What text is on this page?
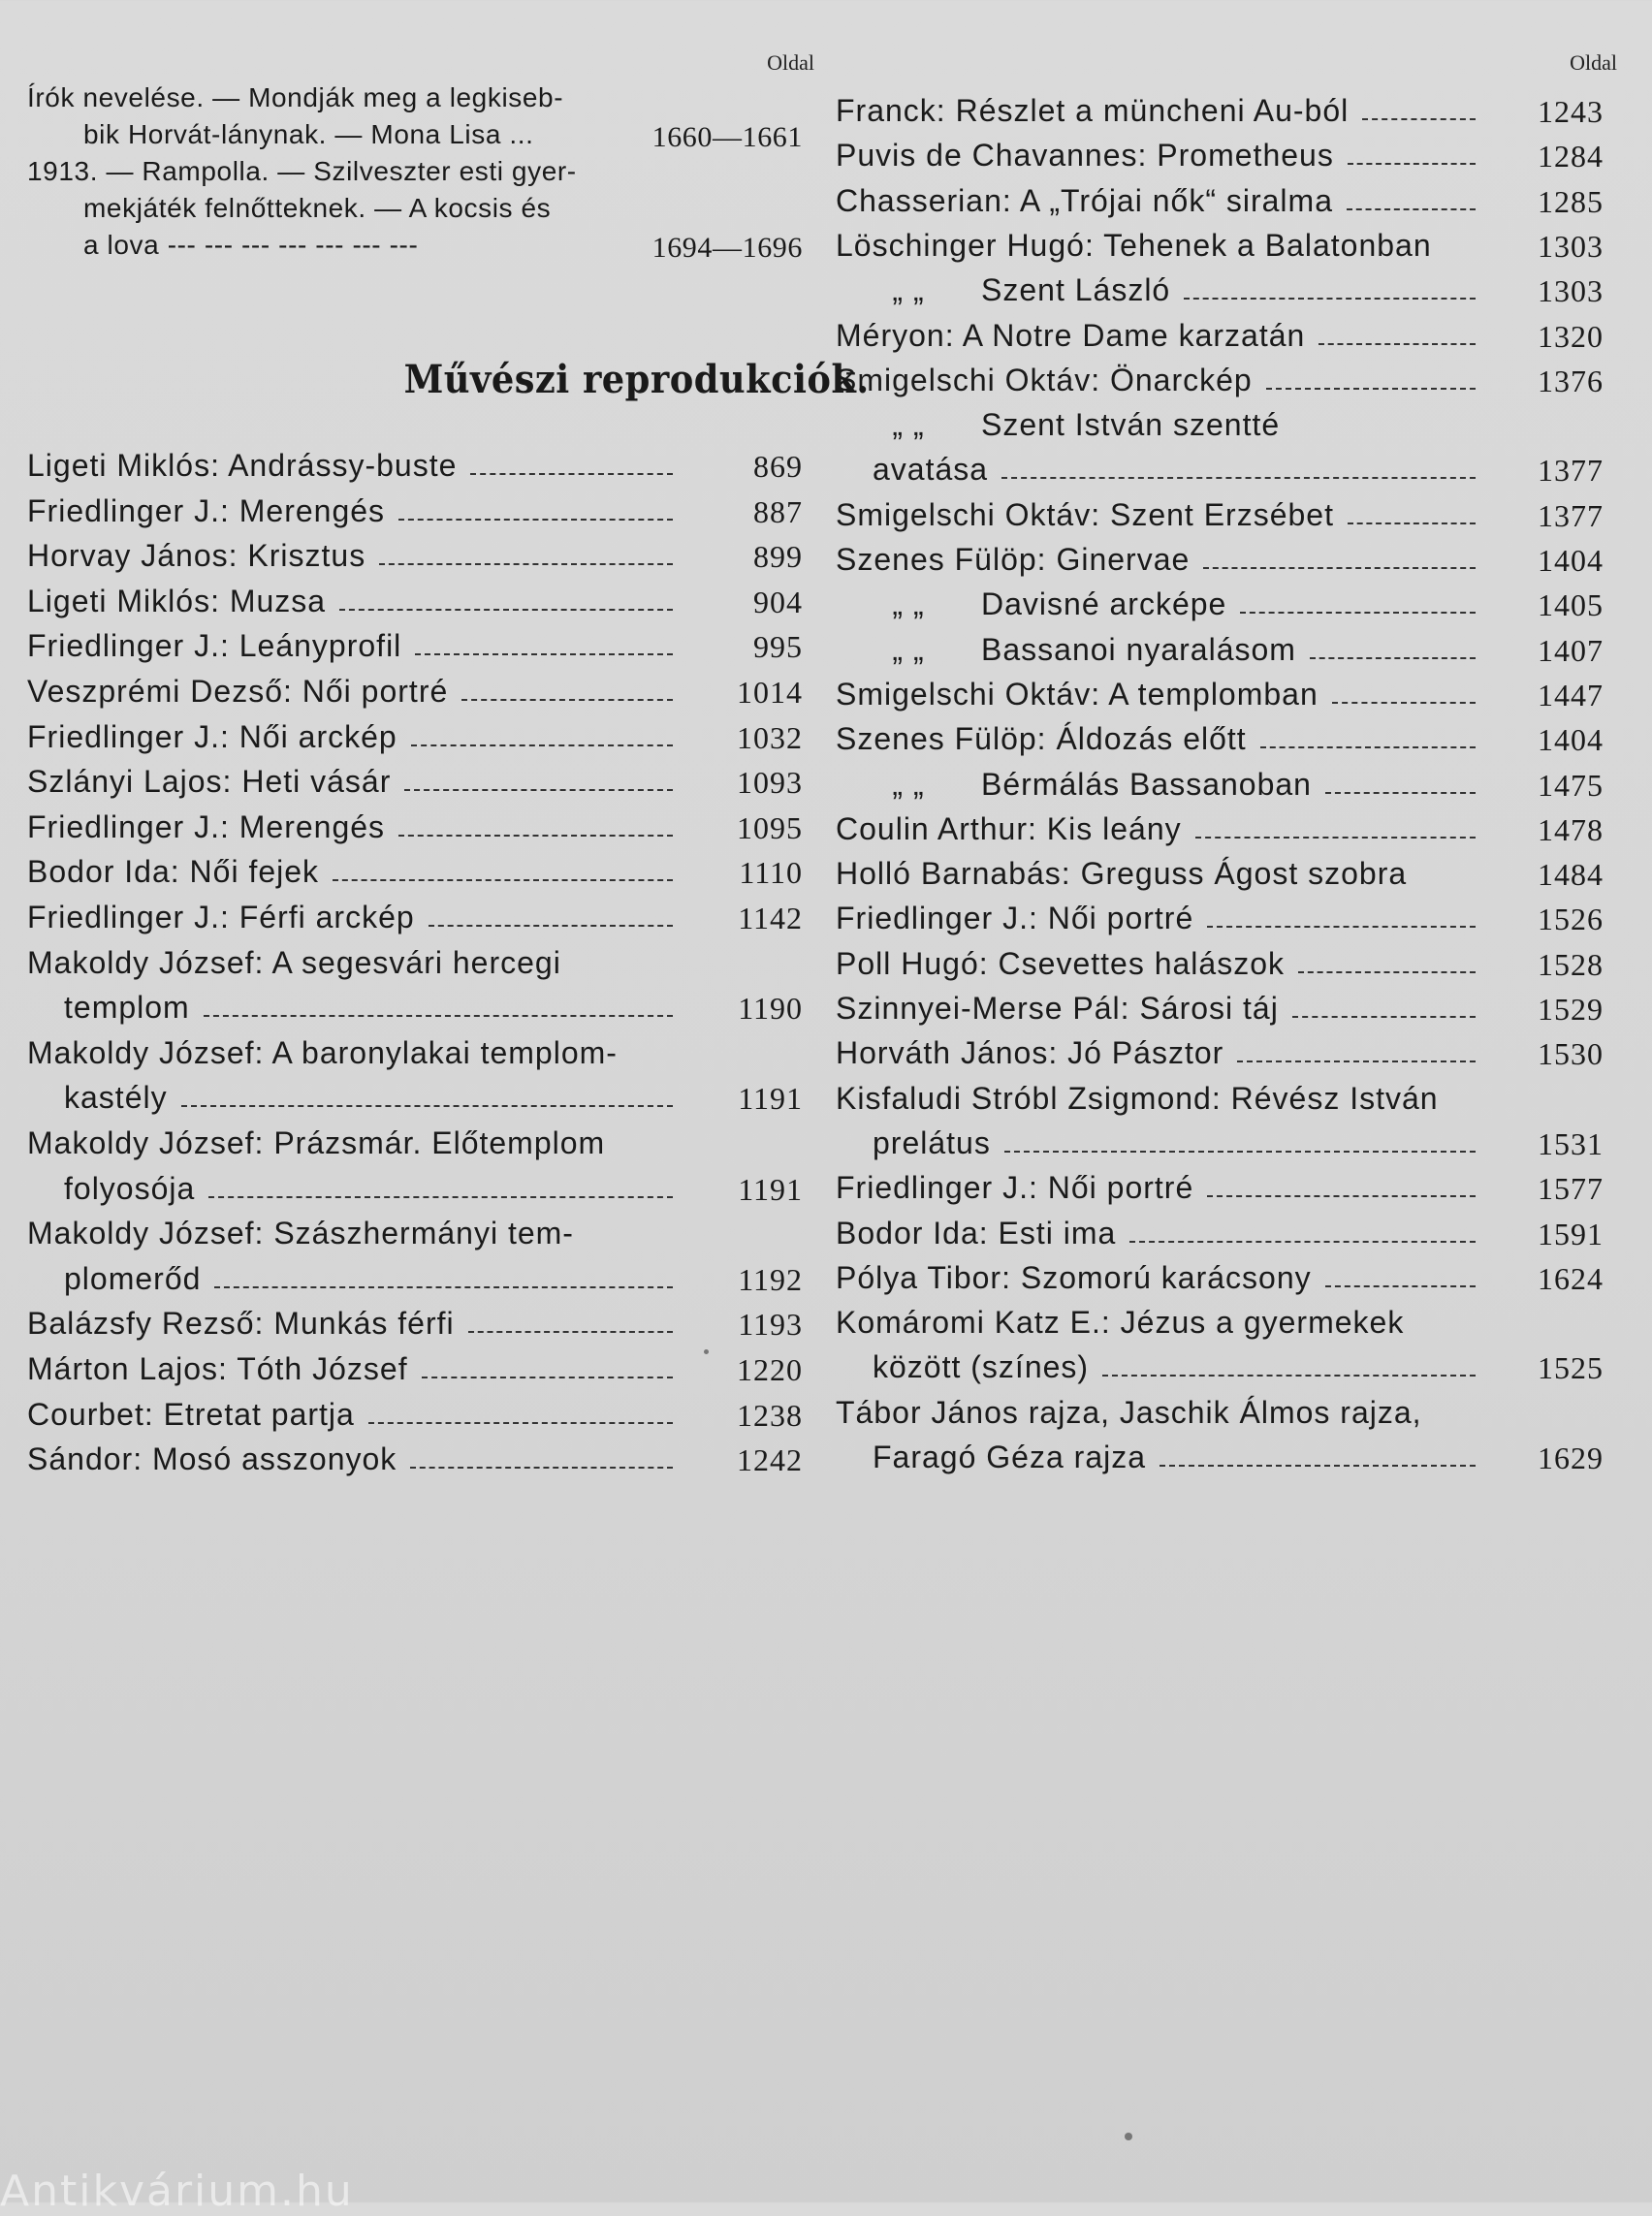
Oldal
Írók nevelése. — Mondják meg a legkiseb-
bik Horvát-lánynak. — Mona Lisa ...	1660—1661
1913. — Rampolla. — Szilveszter esti gyer-
mekjáték felnőtteknek. — A kocsis és
a lova --- --- --- --- --- --- ---	1694—1696
Ligeti Miklós: Andrássy-buste	869
Friedlinger J.: Merengés	887
Horvay János: Krisztus	899
Ligeti Miklós: Muzsa	904
Friedlinger J.: Leányprofil	995
Veszprémi Dezső: Női portré	1014
Friedlinger J.: Női arckép	1032
Szlányi Lajos: Heti vásár	1093
Friedlinger J.: Merengés	1095
Bodor Ida: Női fejek	1110
Friedlinger J.: Férfi arckép	1142
Makoldy József: A segesvári hercegi
templom	1190
Makoldy József: A baronylakai templom-
kastély	1191
Makoldy József: Prázsmár. Előtemplom
folyosója	1191
Makoldy József: Szászhermányi tem-
plomerőd	1192
Balázsfy Rezső: Munkás férfi	1193
Márton Lajos: Tóth József	1220
Courbet: Etretat partja	1238
Sándor: Mosó asszonyok	1242
Művészi reprodukciók.
Oldal
Franck: Részlet a müncheni Au-ból	1243
Puvis de Chavannes: Prometheus	1284
Chasserian: A „Trójai nők“ siralma	1285
Löschinger Hugó: Tehenek a Balatonban	1303
„ „	Szent László	1303
Méryon: A Notre Dame karzatán	1320
Smigelschi Oktáv: Önarckép	1376
„ „	Szent István szentté
avatása	1377
Smigelschi Oktáv: Szent Erzsébet	1377
Szenes Fülöp: Ginervae	1404
„ „	Davisné arcképe	1405
„ „	Bassanoi nyaralásom	1407
Smigelschi Oktáv: A templomban	1447
Szenes Fülöp: Áldozás előtt	1404
„ „	Bérmálás Bassanoban	1475
Coulin Arthur: Kis leány	1478
Holló Barnabás: Greguss Ágost szobra	1484
Friedlinger J.: Női portré	1526
Poll Hugó: Csevettes halászok	1528
Szinnyei-Merse Pál: Sárosi táj	1529
Horváth János: Jó Pásztor	1530
Kisfaludi Stróbl Zsigmond: Révész István
prelátus	1531
Friedlinger J.: Női portré	1577
Bodor Ida: Esti ima	1591
Pólya Tibor: Szomorú karácsony	1624
Komáromi Katz E.: Jézus a gyermekek
között (színes)	1525
Tábor János rajza, Jaschik Álmos rajza,
Faragó Géza rajza	1629
Antikvárium.hu
